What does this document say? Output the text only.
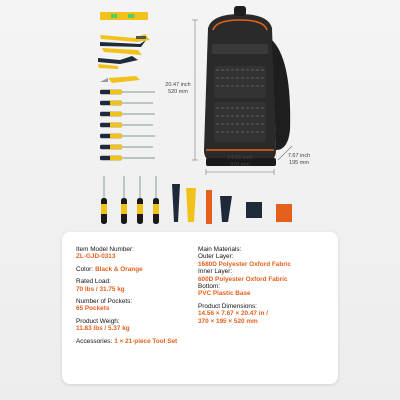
20.47 inch
520 mm
14.56 inch
370 mm
7.67 inch
195 mm
Item Model Number:
ZL-GJD-0313
Color: Black & Orange
Rated Load:
70 lbs / 31.75 kg
Number of Pockets:
65 Pockets
Product Weigh:
11.83 lbs / 5.37 kg
Accessories: 1 × 21-piece Tool Set
Main Materials:
Outer Layer:
1680D Polyester Oxford Fabric
Inner Layer:
600D Polyester Oxford Fabric
Bottom:
PVC Plastic Base
Product Dimensions:
14.56 × 7.67 × 20.47 in /
370 × 195 × 520 mm
